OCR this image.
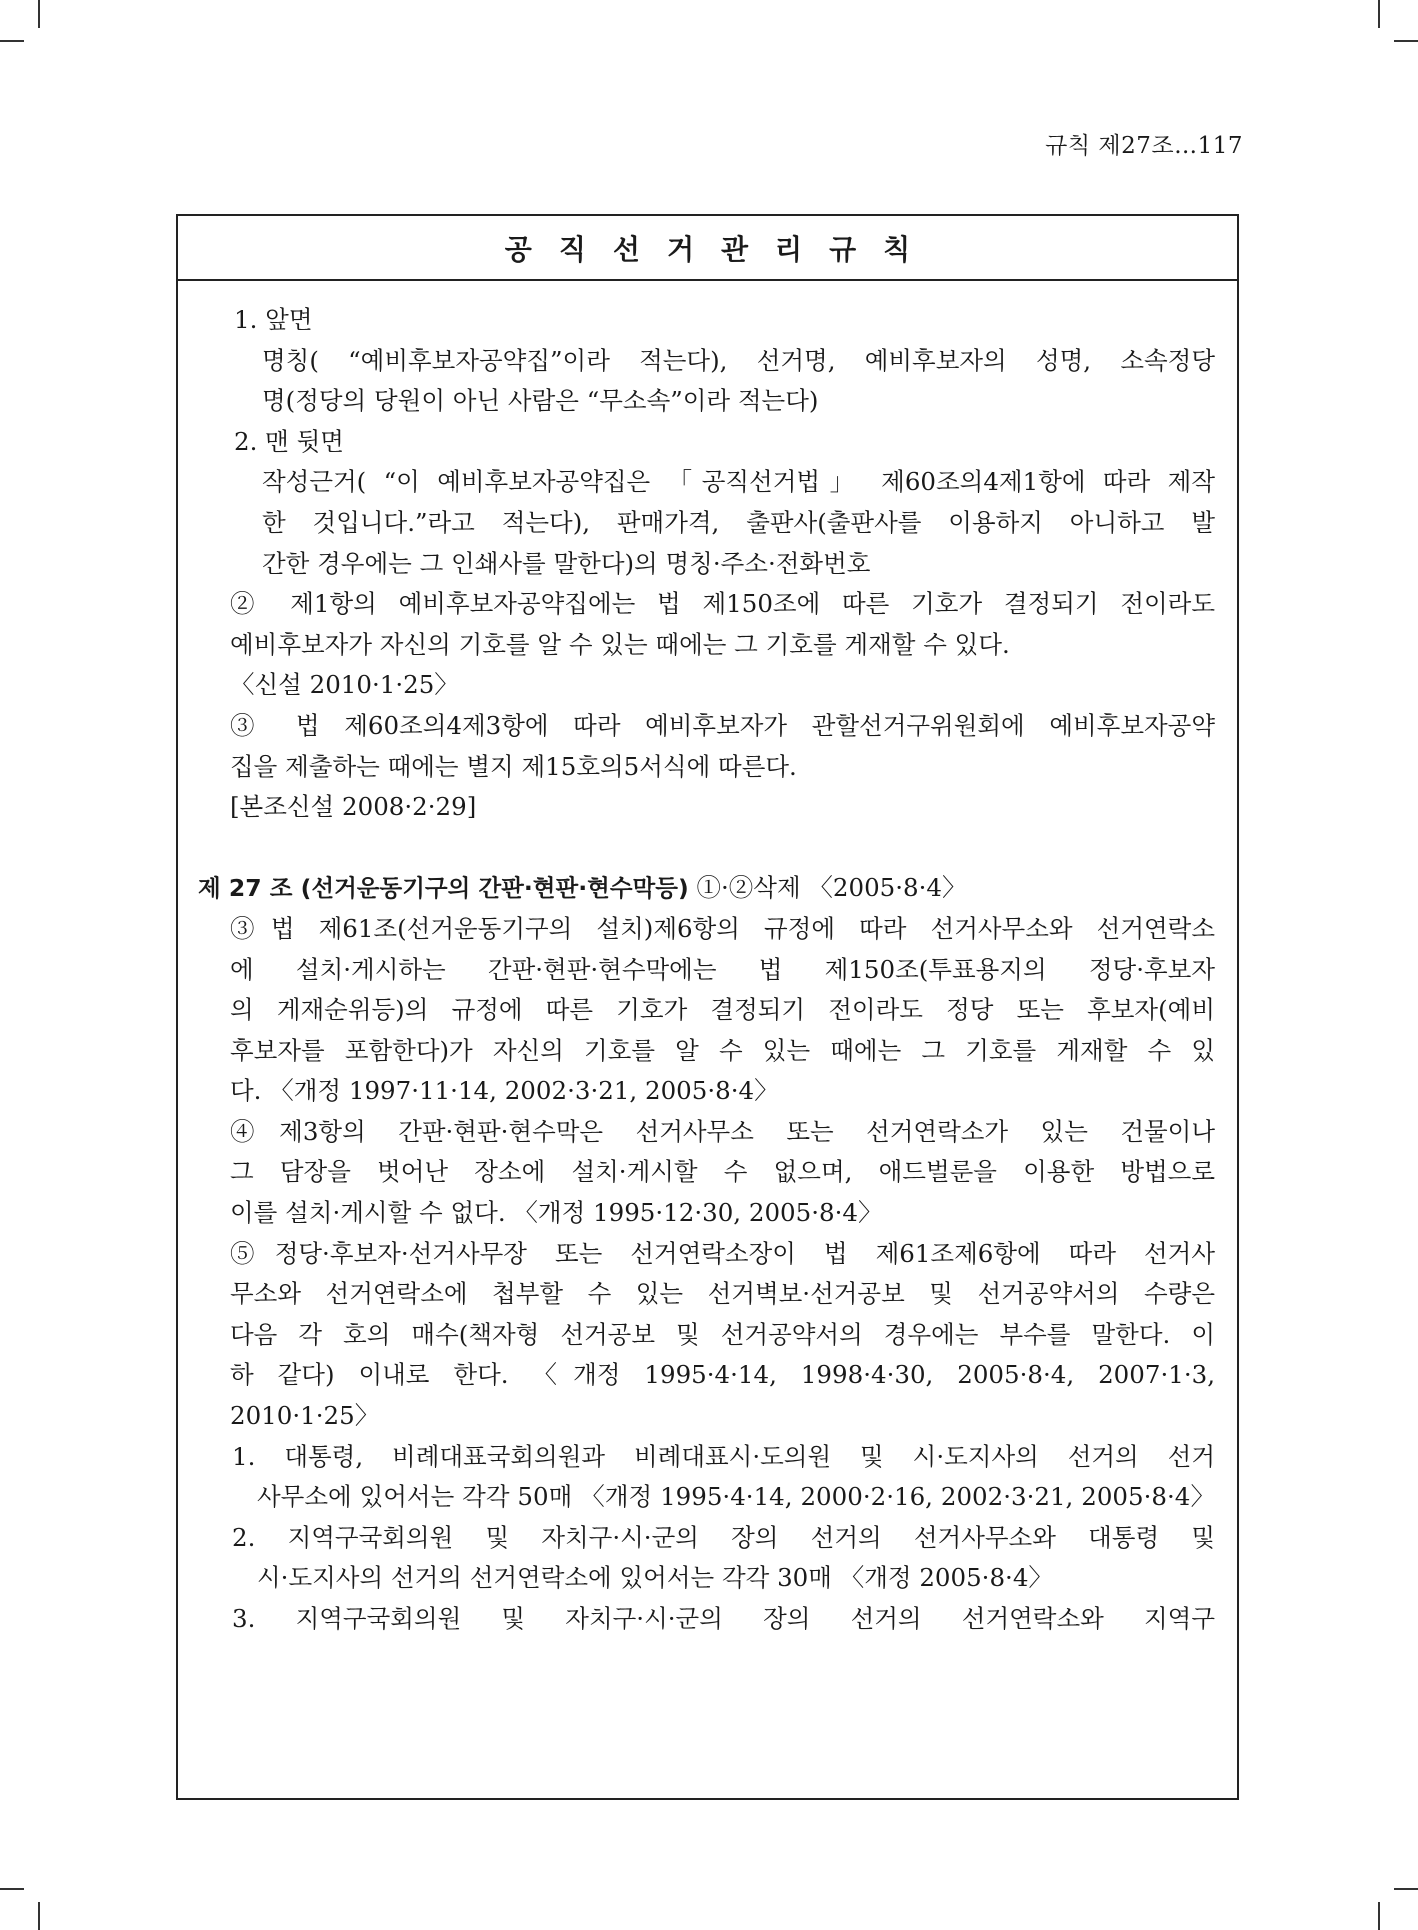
규칙 제27조…117
공직선거관리규칙
1. 앞면
명칭( “예비후보자공약집”이라 적는다), 선거명, 예비후보자의 성명, 소속정당
명(정당의 당원이 아닌 사람은 “무소속”이라 적는다)
2. 맨 뒷면
작성근거( “이 예비후보자공약집은 「공직선거법」 제60조의4제1항에 따라 제작
한 것입니다.”라고 적는다), 판매가격, 출판사(출판사를 이용하지 아니하고 발
간한 경우에는 그 인쇄사를 말한다)의 명칭·주소·전화번호
② 제1항의 예비후보자공약집에는 법 제150조에 따른 기호가 결정되기 전이라도
예비후보자가 자신의 기호를 알 수 있는 때에는 그 기호를 게재할 수 있다.
〈신설 2010·1·25〉
③ 법 제60조의4제3항에 따라 예비후보자가 관할선거구위원회에 예비후보자공약
집을 제출하는 때에는 별지 제15호의5서식에 따른다.
[본조신설 2008·2·29]
제 27 조 (선거운동기구의 간판·현판·현수막등) ①·②삭제 〈2005·8·4〉
③법 제61조(선거운동기구의 설치)제6항의 규정에 따라 선거사무소와 선거연락소
에 설치·게시하는 간판·현판·현수막에는 법 제150조(투표용지의 정당·후보자
의 게재순위등)의 규정에 따른 기호가 결정되기 전이라도 정당 또는 후보자(예비
후보자를 포함한다)가 자신의 기호를 알 수 있는 때에는 그 기호를 게재할 수 있
다. 〈개정 1997·11·14, 2002·3·21, 2005·8·4〉
④제3항의 간판·현판·현수막은 선거사무소 또는 선거연락소가 있는 건물이나
그 담장을 벗어난 장소에 설치·게시할 수 없으며, 애드벌룬을 이용한 방법으로
이를 설치·게시할 수 없다. 〈개정 1995·12·30, 2005·8·4〉
⑤정당·후보자·선거사무장 또는 선거연락소장이 법 제61조제6항에 따라 선거사
무소와 선거연락소에 첩부할 수 있는 선거벽보·선거공보 및 선거공약서의 수량은
다음 각 호의 매수(책자형 선거공보 및 선거공약서의 경우에는 부수를 말한다. 이
하 같다) 이내로 한다. 〈개정 1995·4·14, 1998·4·30, 2005·8·4, 2007·1·3,
2010·1·25〉
1. 대통령, 비례대표국회의원과 비례대표시·도의원 및 시·도지사의 선거의 선거
사무소에 있어서는 각각 50매 〈개정 1995·4·14, 2000·2·16, 2002·3·21, 2005·8·4〉
2. 지역구국회의원 및 자치구·시·군의 장의 선거의 선거사무소와 대통령 및
시·도지사의 선거의 선거연락소에 있어서는 각각 30매 〈개정 2005·8·4〉
3. 지역구국회의원 및 자치구·시·군의 장의 선거의 선거연락소와 지역구
